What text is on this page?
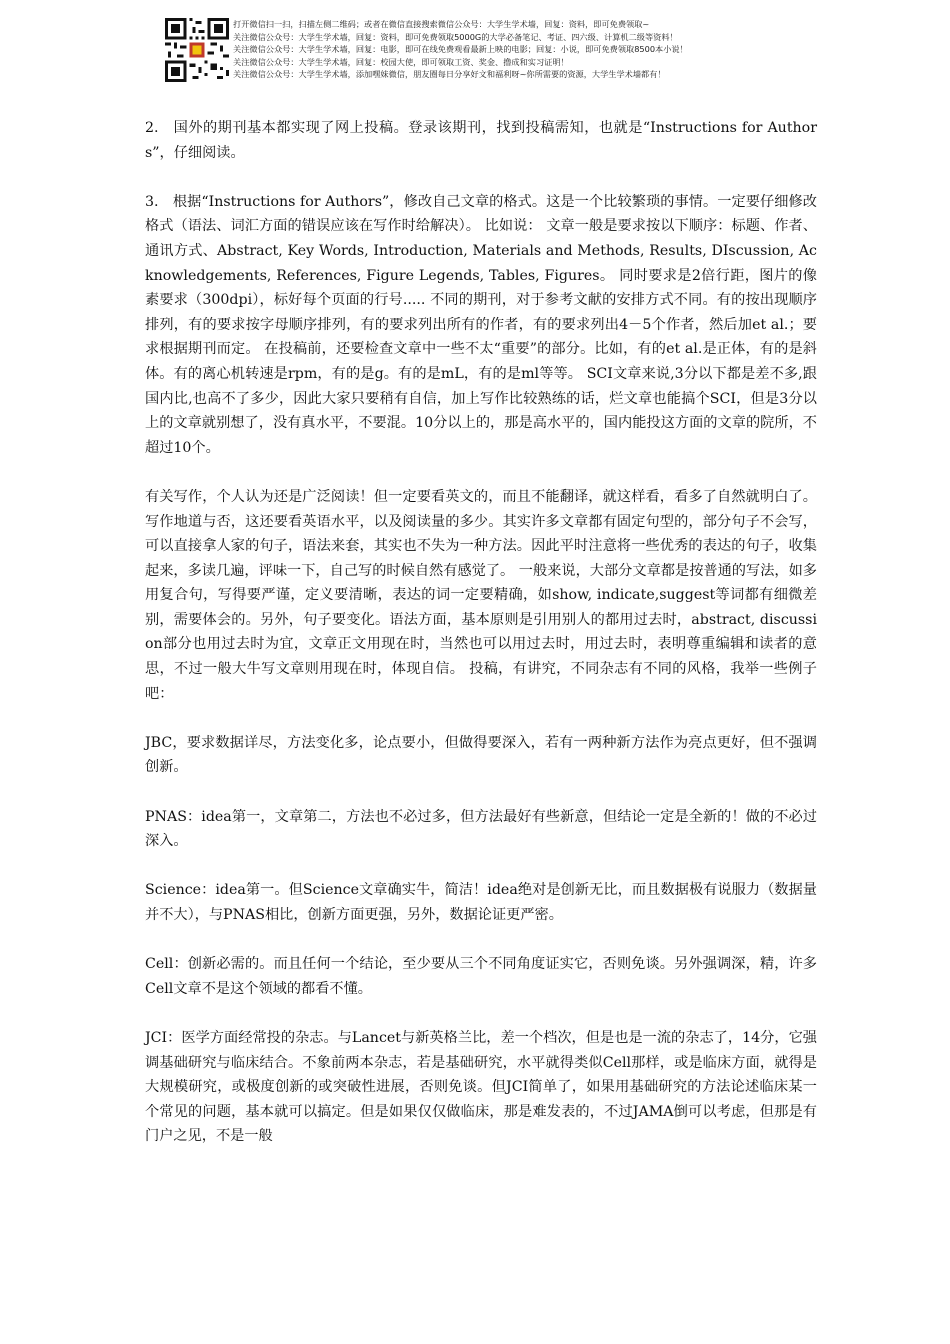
打开微信扫一扫，扫描左侧二维码；或者在微信直接搜索微信公众号：大学生学术墙，回复：资料，即可免费领取~
关注微信公众号：大学生学术墙，回复：资料，即可免费领取5000G的大学必备笔记、考证、四六级、计算机二级等资料！
关注微信公众号：大学生学术墙，回复：电影，即可在线免费观看最新上映的电影；回复：小说，即可免费领取8500本小说！
关注微信公众号：大学生学术墙，回复：校园大使，即可领取工资、奖金、撸成和实习证明！
关注微信公众号：大学生学术墙，添加嘿妹微信，朋友圈每日分享好文和福利呀~你所需要的资源，大学生学术墙都有！

2.　国外的期刊基本都实现了网上投稿。登录该期刊，找到投稿需知，也就是“Instructions for Authors”，仔细阅读。

3.　根据“Instructions for Authors”，修改自己文章的格式。这是一个比较繁琐的事情。一定要仔细修改格式（语法、词汇方面的错误应该在写作时给解决）。 比如说： 文章一般是要求按以下顺序：标题、作者、通讯方式、Abstract, Key Words, Introduction, Materials and Methods, Results, DIscussion, Acknowledgements, References, Figure Legends, Tables, Figures。 同时要求是2倍行距，图片的像素要求（300dpi），标好每个页面的行号..... 不同的期刊，对于参考文献的安排方式不同。有的按出现顺序排列，有的要求按字母顺序排列，有的要求列出所有的作者，有的要求列出4－5个作者，然后加et al.；要求根据期刊而定。 在投稿前，还要检查文章中一些不太“重要”的部分。比如，有的et al.是正体，有的是斜体。有的离心机转速是rpm，有的是g。有的是mL，有的是ml等等。 SCI文章来说,3分以下都是差不多,跟国内比,也高不了多少，因此大家只要稍有自信，加上写作比较熟练的话，烂文章也能搞个SCI，但是3分以上的文章就别想了，没有真水平，不要混。10分以上的，那是高水平的，国内能投这方面的文章的院所，不超过10个。

有关写作，个人认为还是广泛阅读！但一定要看英文的，而且不能翻译，就这样看，看多了自然就明白了。写作地道与否，这还要看英语水平，以及阅读量的多少。其实许多文章都有固定句型的，部分句子不会写，可以直接拿人家的句子，语法来套，其实也不失为一种方法。因此平时注意将一些优秀的表达的句子，收集起来，多读几遍，评味一下，自己写的时候自然有感觉了。 一般来说，大部分文章都是按普通的写法，如多用复合句，写得要严谨，定义要清晰，表达的词一定要精确，如show, indicate,suggest等词都有细微差别，需要体会的。另外，句子要变化。语法方面，基本原则是引用别人的都用过去时，abstract, discussion部分也用过去时为宜，文章正文用现在时，当然也可以用过去时，用过去时，表明尊重编辑和读者的意思，不过一般大牛写文章则用现在时，体现自信。 投稿，有讲究，不同杂志有不同的风格，我举一些例子吧：

JBC，要求数据详尽，方法变化多，论点要小，但做得要深入，若有一两种新方法作为亮点更好，但不强调创新。

PNAS：idea第一，文章第二，方法也不必过多，但方法最好有些新意，但结论一定是全新的！做的不必过深入。

Science：idea第一。但Science文章确实牛，简洁！idea绝对是创新无比，而且数据极有说服力（数据量并不大），与PNAS相比，创新方面更强，另外，数据论证更严密。

Cell：创新必需的。而且任何一个结论，至少要从三个不同角度证实它，否则免谈。另外强调深，精，许多Cell文章不是这个领域的都看不懂。

JCI：医学方面经常投的杂志。与Lancet与新英格兰比，差一个档次，但是也是一流的杂志了，14分，它强调基础研究与临床结合。不象前两本杂志，若是基础研究，水平就得类似Cell那样，或是临床方面，就得是大规模研究，或极度创新的或突破性进展，否则免谈。但JCI简单了，如果用基础研究的方法论述临床某一个常见的问题，基本就可以搞定。但是如果仅仅做临床，那是难发表的，不过JAMA倒可以考虑，但那是有门户之见，不是一般
